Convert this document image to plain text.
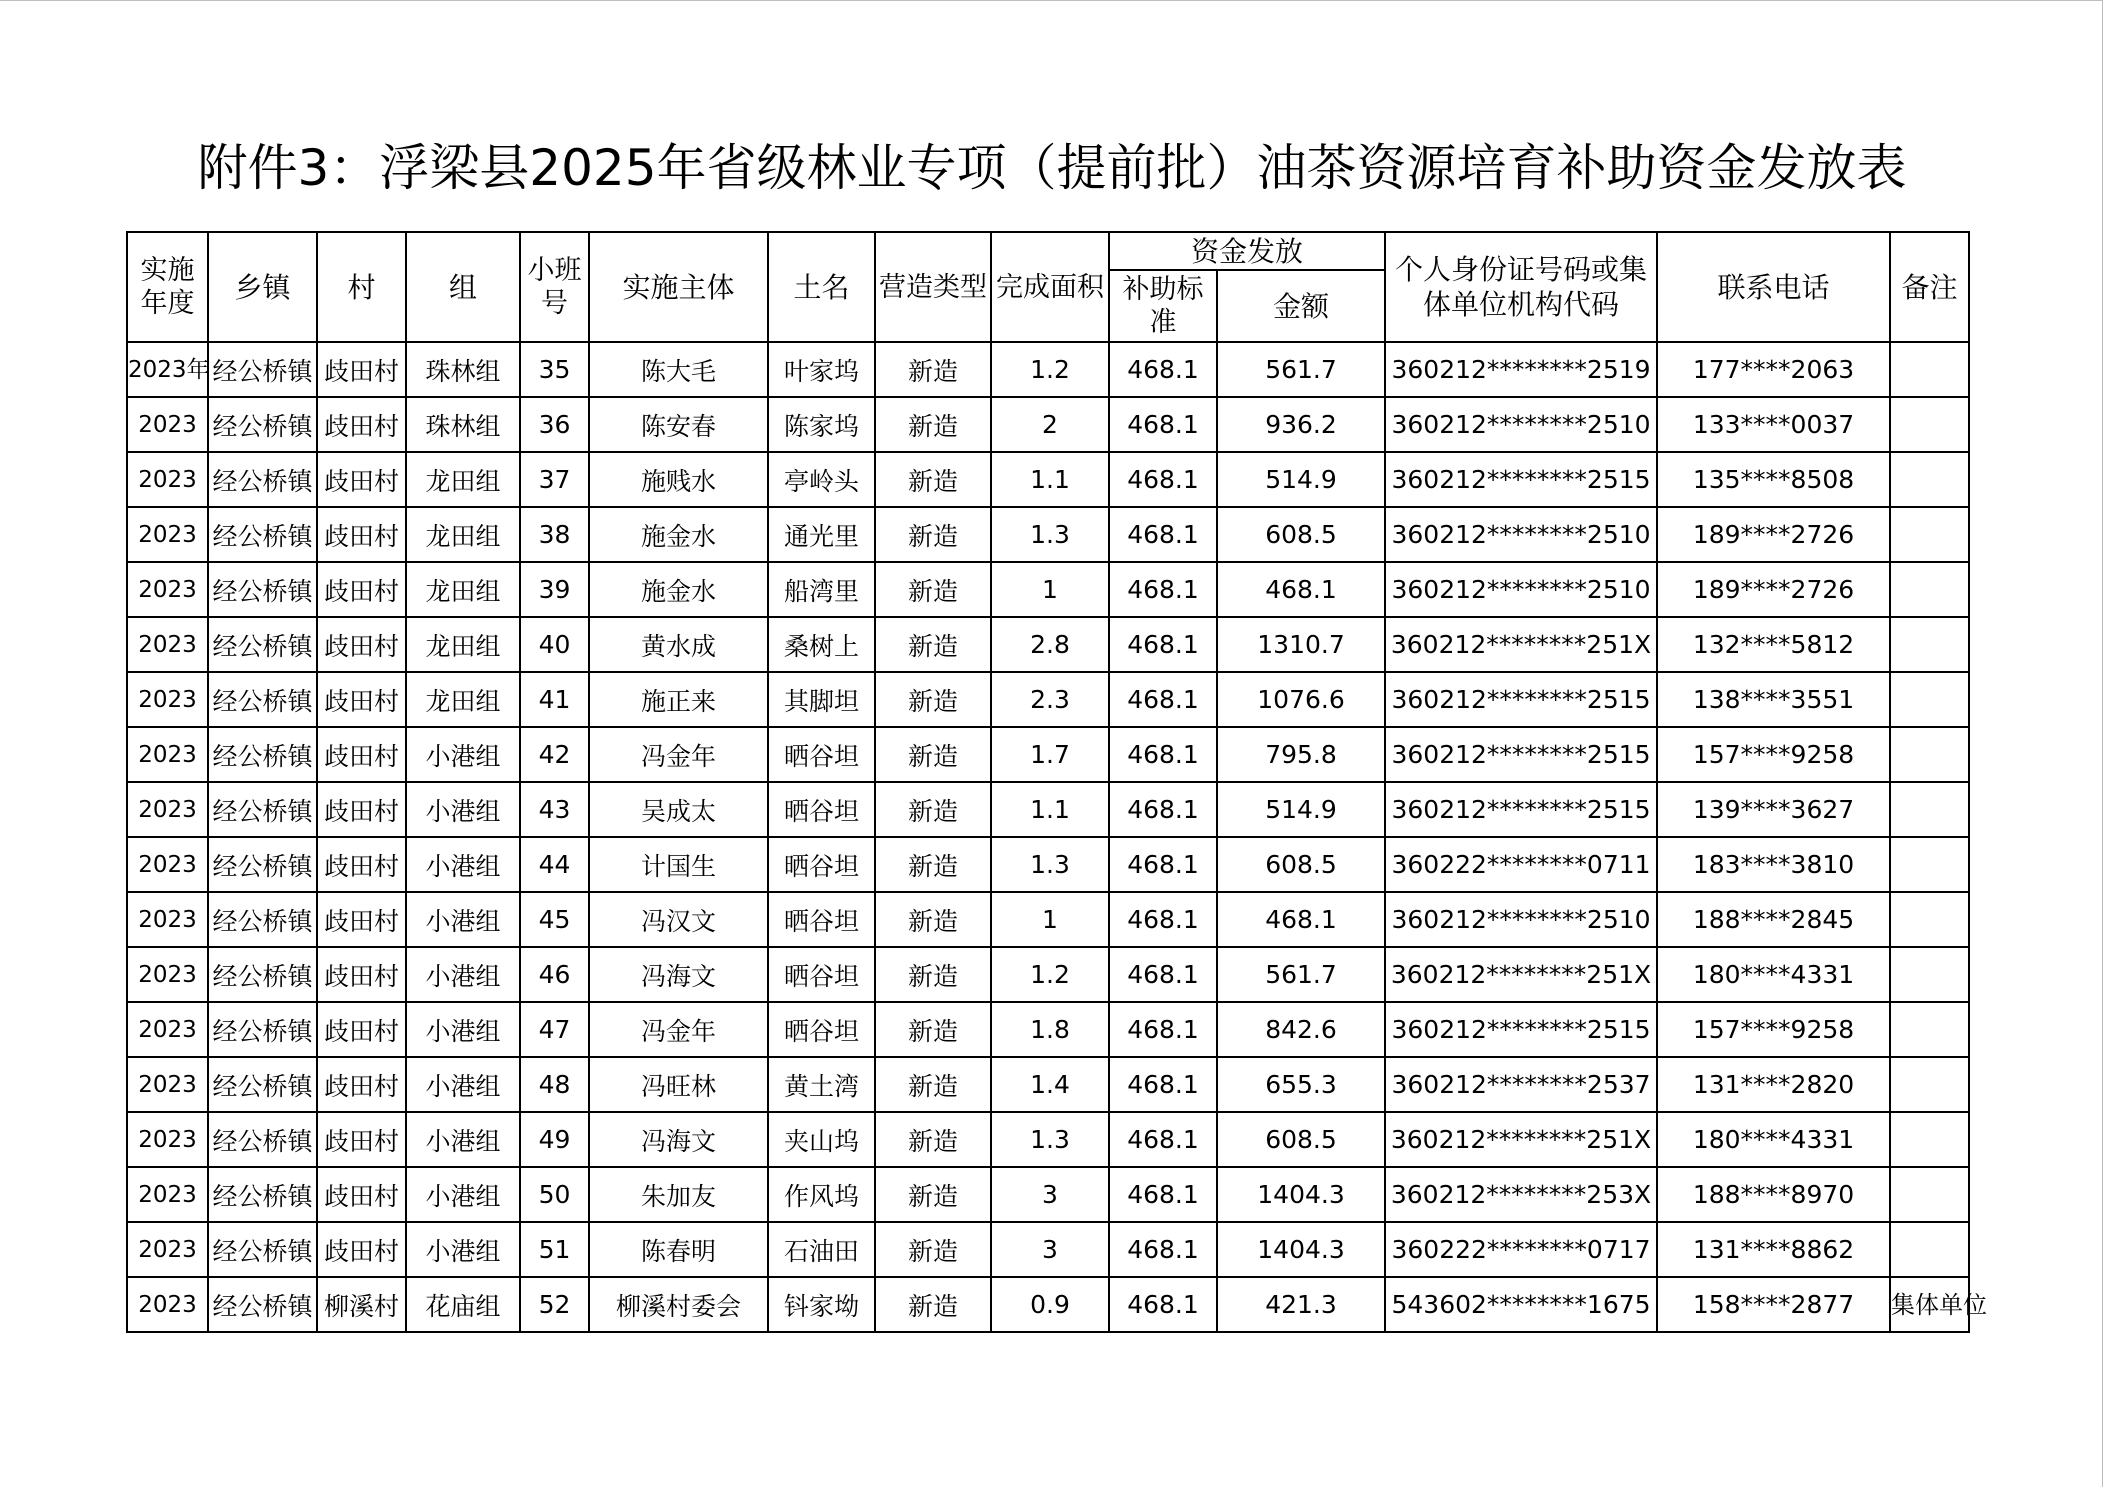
附件3：浮梁县2025年省级林业专项（提前批）油茶资源培育补助资金发放表
实施年度	乡镇	村	组	小班号	实施主体	土名	营造类型	完成面积	资金发放		个人身份证号码或集体单位机构代码	联系电话	备注
									补助标准	金额			
2023年	经公桥镇	歧田村	珠林组	35	陈大毛	叶家坞	新造	1.2	468.1	561.7	360212********2519	177****2063	
2023	经公桥镇	歧田村	珠林组	36	陈安春	陈家坞	新造	2	468.1	936.2	360212********2510	133****0037	
2023	经公桥镇	歧田村	龙田组	37	施贱水	亭岭头	新造	1.1	468.1	514.9	360212********2515	135****8508	
2023	经公桥镇	歧田村	龙田组	38	施金水	通光里	新造	1.3	468.1	608.5	360212********2510	189****2726	
2023	经公桥镇	歧田村	龙田组	39	施金水	船湾里	新造	1	468.1	468.1	360212********2510	189****2726	
2023	经公桥镇	歧田村	龙田组	40	黄水成	桑树上	新造	2.8	468.1	1310.7	360212********251X	132****5812	
2023	经公桥镇	歧田村	龙田组	41	施正来	其脚坦	新造	2.3	468.1	1076.6	360212********2515	138****3551	
2023	经公桥镇	歧田村	小港组	42	冯金年	晒谷坦	新造	1.7	468.1	795.8	360212********2515	157****9258	
2023	经公桥镇	歧田村	小港组	43	吴成太	晒谷坦	新造	1.1	468.1	514.9	360212********2515	139****3627	
2023	经公桥镇	歧田村	小港组	44	计国生	晒谷坦	新造	1.3	468.1	608.5	360222********0711	183****3810	
2023	经公桥镇	歧田村	小港组	45	冯汉文	晒谷坦	新造	1	468.1	468.1	360212********2510	188****2845	
2023	经公桥镇	歧田村	小港组	46	冯海文	晒谷坦	新造	1.2	468.1	561.7	360212********251X	180****4331	
2023	经公桥镇	歧田村	小港组	47	冯金年	晒谷坦	新造	1.8	468.1	842.6	360212********2515	157****9258	
2023	经公桥镇	歧田村	小港组	48	冯旺林	黄土湾	新造	1.4	468.1	655.3	360212********2537	131****2820	
2023	经公桥镇	歧田村	小港组	49	冯海文	夹山坞	新造	1.3	468.1	608.5	360212********251X	180****4331	
2023	经公桥镇	歧田村	小港组	50	朱加友	作风坞	新造	3	468.1	1404.3	360212********253X	188****8970	
2023	经公桥镇	歧田村	小港组	51	陈春明	石油田	新造	3	468.1	1404.3	360222********0717	131****8862	
2023	经公桥镇	柳溪村	花庙组	52	柳溪村委会	钭家坳	新造	0.9	468.1	421.3	543602********1675	158****2877	集体单位
